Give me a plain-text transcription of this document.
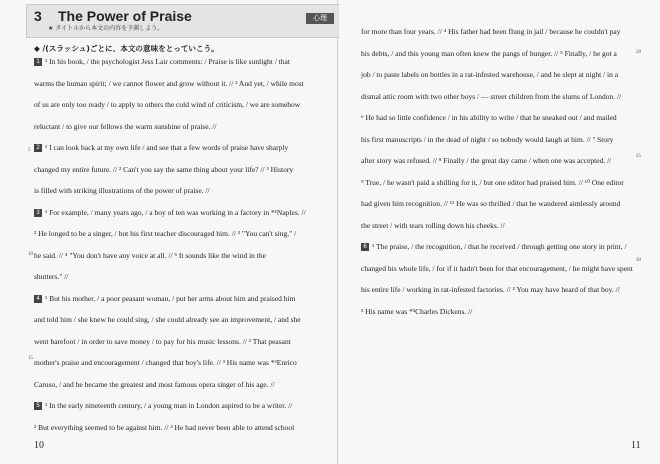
3 The Power of Praise	心理
★ タイトルから本文の内容を予測しよう。
◆ /(スラッシュ)ごとに、本文の意味をとっていこう。
1 ¹ In his book, / the psychologist Jess Lair comments: / Praise is like sunlight / that
warms the human spirit; / we cannot flower and grow without it. // ² And yet, / while most
of us are only too ready / to apply to others the cold wind of criticism, / we are somehow
reluctant / to give our fellows the warm sunshine of praise. //
2 ¹ I can look back at my own life / and see that a few words of praise have sharply
changed my entire future. // ² Can't you say the same thing about your life? // ³ History
is filled with striking illustrations of the power of praise. //
3 ¹ For example, / many years ago, / a boy of ten was working in a factory in *¹Naples. //
² He longed to be a singer, / but his first teacher discouraged him. // ³ "You can't sing," /
he said. // ⁴ "You don't have any voice at all. // ⁵ It sounds like the wind in the
shutters." //
4 ¹ But his mother, / a poor peasant woman, / put her arms about him and praised him
and told him / she knew he could sing, / she could already see an improvement, / and she
went barefoot / in order to save money / to pay for his music lessons. // ² That peasant
mother's praise and encouragement / changed that boy's life. // ³ His name was *²Enrico
Caruso, / and he became the greatest and most famous opera singer of his age. //
5 ¹ In the early nineteenth century, / a young man in London aspired to be a writer. //
² But everything seemed to be against him. // ³ He had never been able to attend school
5
10
15
10
for more than four years. // ⁴ His father had been flung in jail / because he couldn't pay
his debts, / and this young man often knew the pangs of hunger. // ⁵ Finally, / he got a
job / to paste labels on bottles in a rat-infested warehouse, / and he slept at night / in a
dismal attic room with two other boys / — street children from the slums of London. //
⁶ He had so little confidence / in his ability to write / that he sneaked out / and mailed
his first manuscripts / in the dead of night / so nobody would laugh at him. // ⁷ Story
after story was refused. // ⁸ Finally / the great day came / when one was accepted. //
⁹ True, / he wasn't paid a shilling for it, / but one editor had praised him. // ¹⁰ One editor
had given him recognition. // ¹¹ He was so thrilled / that he wandered aimlessly around
the street / with tears rolling down his cheeks. //
6 ¹ The praise, / the recognition, / that he received / through getting one story in print, /
changed his whole life, / for if it hadn't been for that encouragement, / he might have spent
his entire life / working in rat-infested factories. // ² You may have heard of that boy. //
³ His name was *³Charles Dickens. //
20
25
30
11
